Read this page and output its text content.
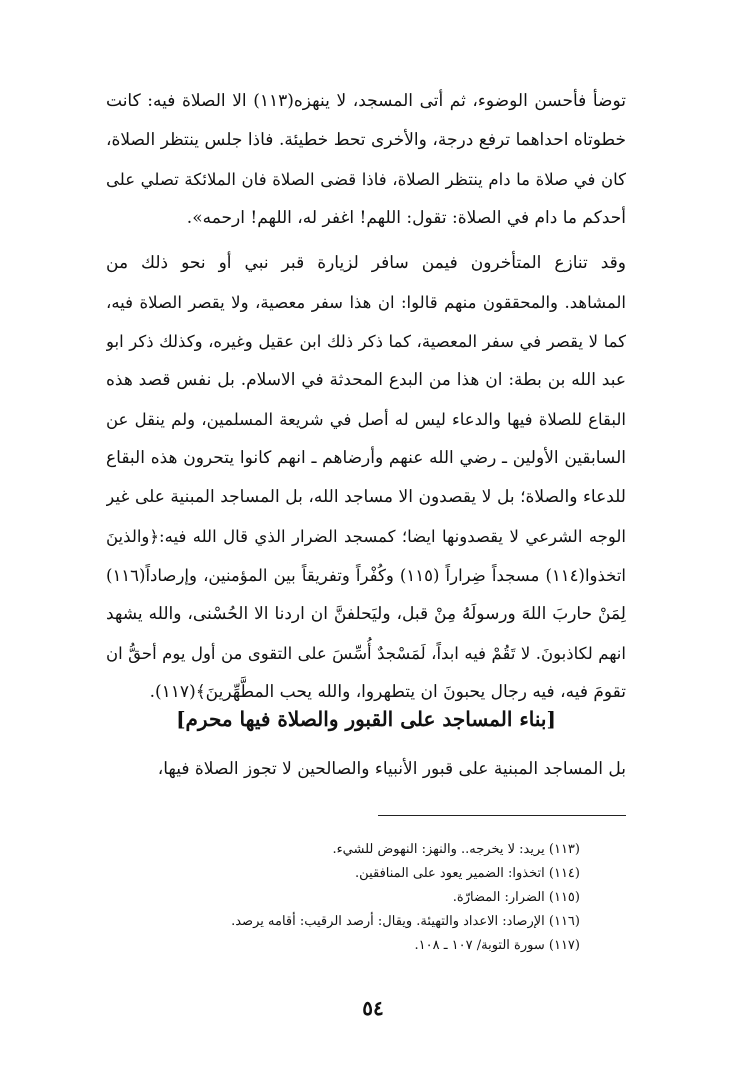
توضأ فأحسن الوضوء، ثم أتى المسجد، لا ينهزه(١١٣) الا الصلاة فيه: كانت
خطوتاه احداهما ترفع درجة، والأخرى تحط خطيئة. فاذا جلس ينتظر الصلاة،
كان في صلاة ما دام ينتظر الصلاة، فاذا قضى الصلاة فان الملائكة تصلي على
أحدكم ما دام في الصلاة: تقول: اللهم! اغفر له، اللهم! ارحمه».
وقد تنازع المتأخرون فيمن سافر لزيارة قبر نبي أو نحو ذلك من
المشاهد. والمحققون منهم قالوا: ان هذا سفر معصية، ولا يقصر الصلاة فيه،
كما لا يقصر في سفر المعصية، كما ذكر ذلك ابن عقيل وغيره، وكذلك ذكر ابو
عبد الله بن بطة: ان هذا من البدع المحدثة في الاسلام. بل نفس قصد هذه
البقاع للصلاة فيها والدعاء ليس له أصل في شريعة المسلمين، ولم ينقل عن
السابقين الأولين ـ رضي الله عنهم وأرضاهم ـ انهم كانوا يتحرون هذه البقاع
للدعاء والصلاة؛ بل لا يقصدون الا مساجد الله، بل المساجد المبنية على غير
الوجه الشرعي لا يقصدونها ايضا؛ كمسجد الضرار الذي قال الله فيه:﴿والذينَ
اتخذوا(١١٤) مسجداً ضِراراً (١١٥) وكُفْراً وتفريقاً بين المؤمنين، وإرصاداً(١١٦)
لِمَنْ حاربَ اللهَ ورسولَهُ مِنْ قبل، وليَحلفنَّ ان اردنا الا الحُسْنى، والله يشهد
انهم لكاذبونَ. لا تَقُمْ فيه ابداً، لَمَسْجدٌ أُسِّسَ على التقوى من أول يوم أحقُّ ان
تقومَ فيه، فيه رجال يحبونَ ان يتطهروا، والله يحب المطَّهِّرينَ﴾(١١٧).
[بناء المساجد على القبور والصلاة فيها محرم]
بل المساجد المبنية على قبور الأنبياء والصالحين لا تجوز الصلاة فيها،
(١١٣) يريد: لا يخرجه.. والنهز: النهوض للشيء.
(١١٤) اتخذوا: الضمير يعود على المنافقين.
(١١٥) الضرار: المضارّة.
(١١٦) الإرصاد: الاعداد والتهيئة. ويقال: أرصد الرقيب: أقامه يرصد.
(١١٧) سورة التوبة/ ١٠٧ ـ ١٠٨.
٥٤
